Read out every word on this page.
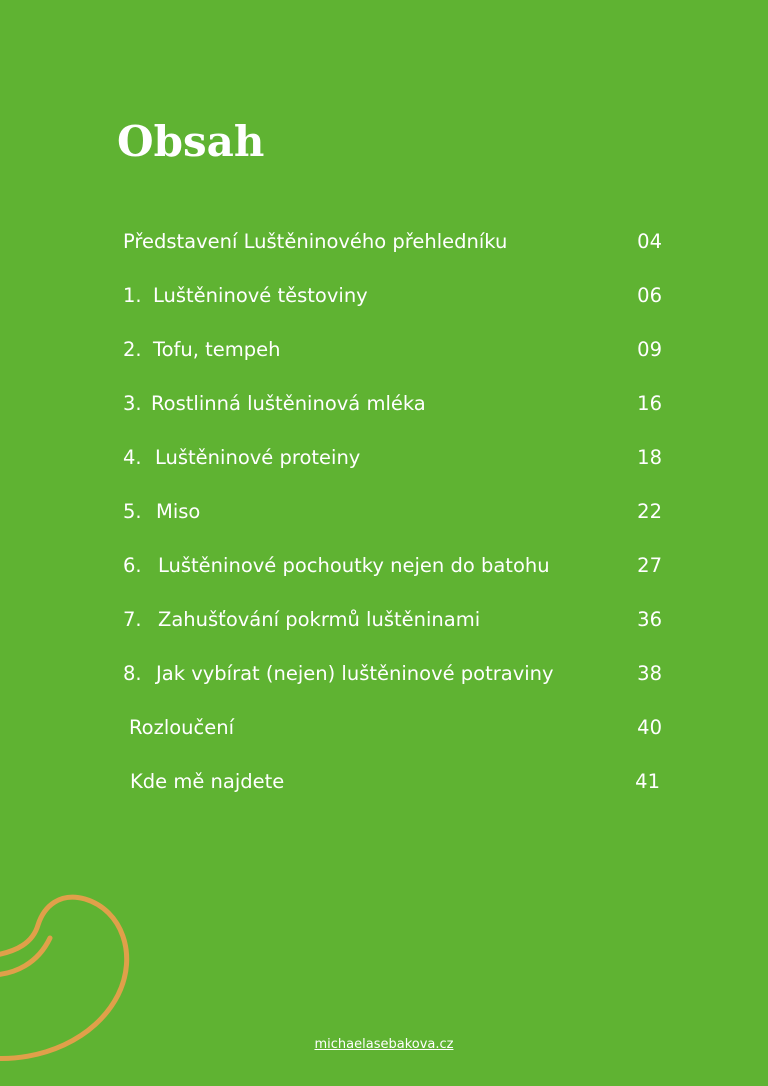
Obsah
Představení Luštěninového přehledníku	04
1. Luštěninové těstoviny	06
2. Tofu, tempeh	09
3. Rostlinná luštěninová mléka	16
4. Luštěninové proteiny	18
5. Miso	22
6. Luštěninové pochoutky nejen do batohu	27
7. Zahušťování pokrmů luštěninami	36
8. Jak vybírat (nejen) luštěninové potraviny	38
Rozloučení	40
Kde mě najdete	41
michaelasebakova.cz
